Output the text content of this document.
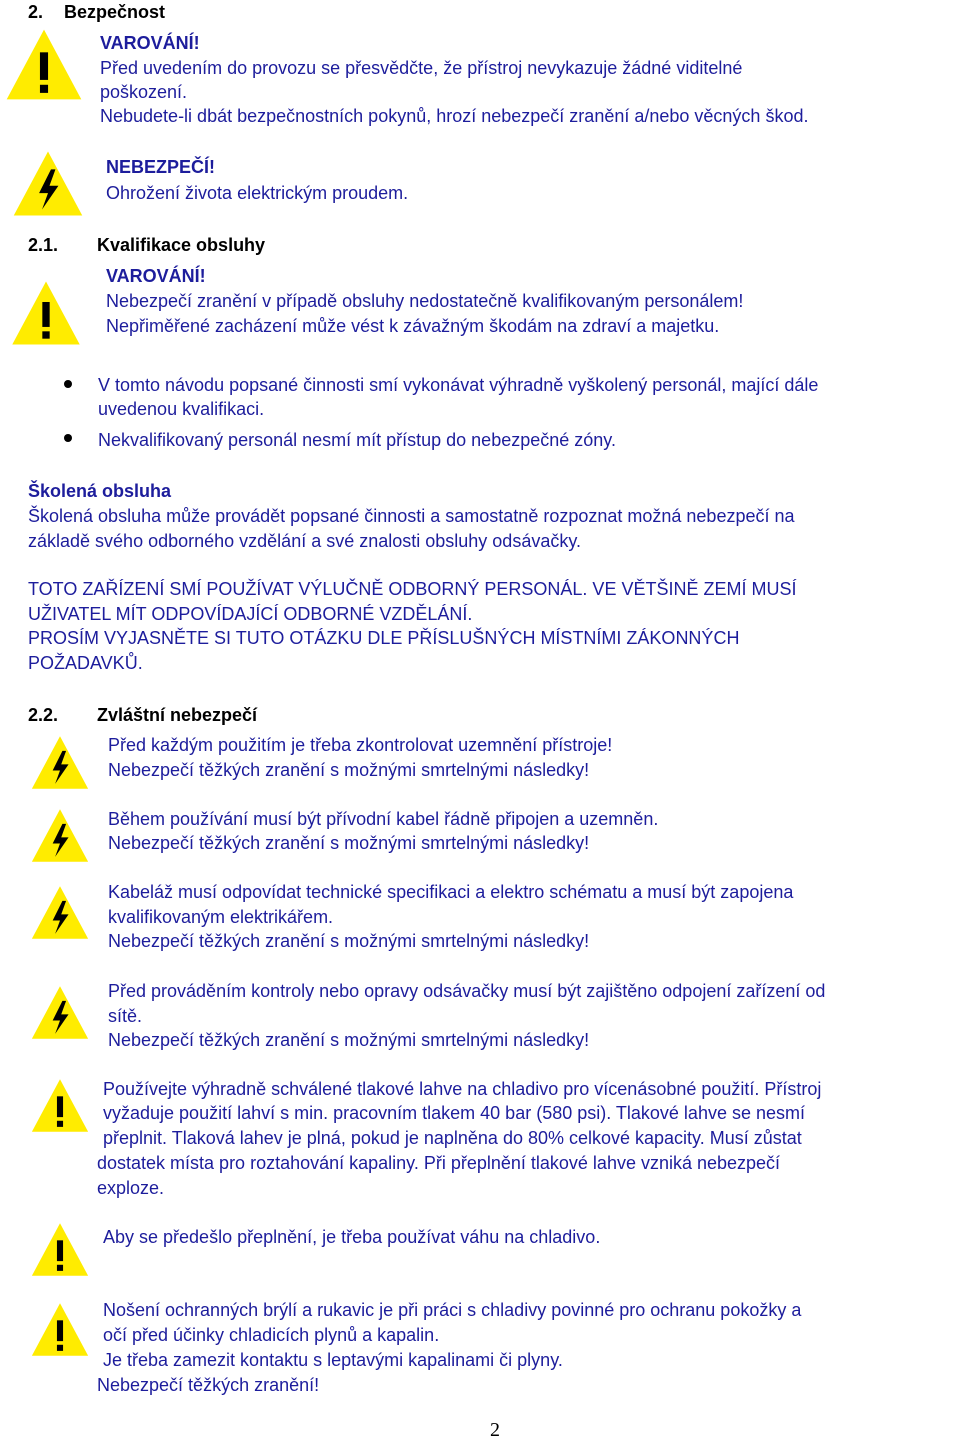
2. Bezpečnost
VAROVÁNÍ!
Před uvedením do provozu se přesvědčte, že přístroj nevykazuje žádné viditelné
poškození.
Nebudete-li dbát bezpečnostních pokynů, hrozí nebezpečí zranění a/nebo věcných škod.
NEBEZPEČÍ!
Ohrožení života elektrickým proudem.
2.1. Kvalifikace obsluhy
VAROVÁNÍ!
Nebezpečí zranění v případě obsluhy nedostatečně kvalifikovaným personálem!
Nepřiměřené zacházení může vést k závažným škodám na zdraví a majetku.
V tomto návodu popsané činnosti smí vykonávat výhradně vyškolený personál, mající dále
uvedenou kvalifikaci.
Nekvalifikovaný personál nesmí mít přístup do nebezpečné zóny.
Školená obsluha
Školená obsluha může provádět popsané činnosti a samostatně rozpoznat možná nebezpečí na
základě svého odborného vzdělání a své znalosti obsluhy odsávačky.
TOTO ZAŘÍZENÍ SMÍ POUŽÍVAT VÝLUČNĚ ODBORNÝ PERSONÁL. VE VĚTŠINĚ ZEMÍ MUSÍ
UŽIVATEL MÍT ODPOVÍDAJÍCÍ ODBORNÉ VZDĚLÁNÍ.
PROSÍM VYJASNĚTE SI TUTO OTÁZKU DLE PŘÍSLUŠNÝCH MÍSTNÍMI ZÁKONNÝCH
POŽADAVKŮ.
2.2. Zvláštní nebezpečí
Před každým použitím je třeba zkontrolovat uzemnění přístroje!
Nebezpečí těžkých zranění s možnými smrtelnými následky!
Během používání musí být přívodní kabel řádně připojen a uzemněn.
Nebezpečí těžkých zranění s možnými smrtelnými následky!
Kabeláž musí odpovídat technické specifikaci a elektro schématu a musí být zapojena
kvalifikovaným elektrikářem.
Nebezpečí těžkých zranění s možnými smrtelnými následky!
Před prováděním kontroly nebo opravy odsávačky musí být zajištěno odpojení zařízení od
sítě.
Nebezpečí těžkých zranění s možnými smrtelnými následky!
Používejte výhradně schválené tlakové lahve na chladivo pro vícenásobné použití. Přístroj
vyžaduje použití lahví s min. pracovním tlakem 40 bar (580 psi). Tlakové lahve se nesmí
přeplnit. Tlaková lahev je plná, pokud je naplněna do 80% celkové kapacity. Musí zůstat
dostatek místa pro roztahování kapaliny. Při přeplnění tlakové lahve vzniká nebezpečí
exploze.
Aby se předešlo přeplnění, je třeba používat váhu na chladivo.
Nošení ochranných brýlí a rukavic je při práci s chladivy povinné pro ochranu pokožky a
očí před účinky chladicích plynů a kapalin.
Je třeba zamezit kontaktu s leptavými kapalinami či plyny.
Nebezpečí těžkých zranění!
2
